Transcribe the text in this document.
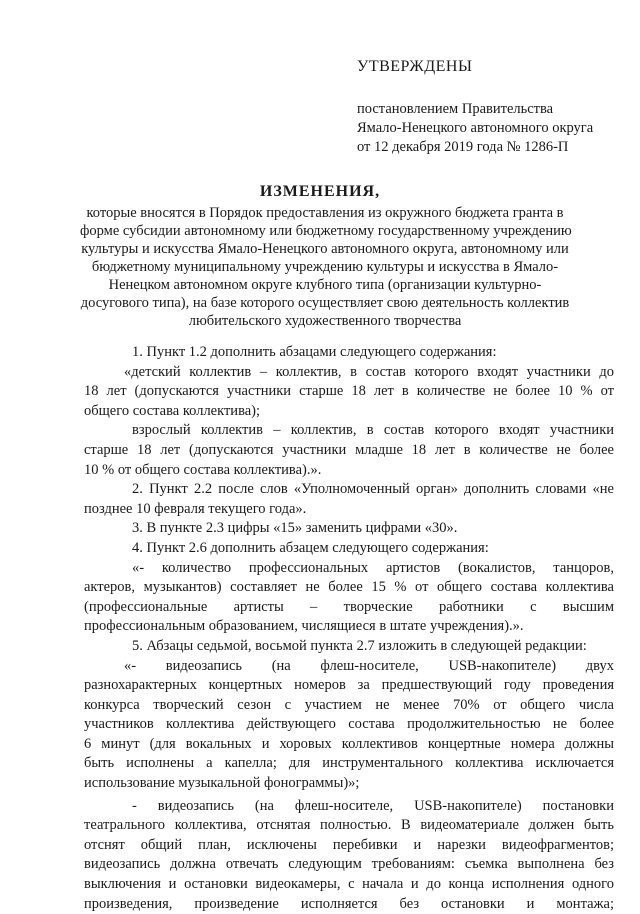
УТВЕРЖДЕНЫ
постановлением Правительства
Ямало-Ненецкого автономного округа
от 12 декабря 2019 года № 1286-П
ИЗМЕНЕНИЯ,
которые вносятся в Порядок предоставления из окружного бюджета гранта в
форме субсидии автономному или бюджетному государственному учреждению
культуры и искусства Ямало-Ненецкого автономного округа, автономному или
бюджетному муниципальному учреждению культуры и искусства в Ямало-
Ненецком автономном округе клубного типа (организации культурно-
досугового типа), на базе которого осуществляет свою деятельность коллектив
любительского художественного творчества
1. Пункт 1.2 дополнить абзацами следующего содержания:
«детский коллектив – коллектив, в состав которого входят участники до
18 лет (допускаются участники старше 18 лет в количестве не более 10 % от
общего состава коллектива);
взрослый коллектив – коллектив, в состав которого входят участники
старше 18 лет (допускаются участники младше 18 лет в количестве не более
10 % от общего состава коллектива).».
2. Пункт 2.2 после слов «Уполномоченный орган» дополнить словами «не
позднее 10 февраля текущего года».
3. В пункте 2.3 цифры «15» заменить цифрами «30».
4. Пункт 2.6 дополнить абзацем следующего содержания:
«- количество профессиональных артистов (вокалистов, танцоров,
актеров, музыкантов) составляет не более 15 % от общего состава коллектива
(профессиональные артисты – творческие работники с высшим
профессиональным образованием, числящиеся в штате учреждения).».
5. Абзацы седьмой, восьмой пункта 2.7 изложить в следующей редакции:
«- видеозапись (на флеш-носителе, USB-накопителе) двух
разнохарактерных концертных номеров за предшествующий году проведения
конкурса творческий сезон с участием не менее 70% от общего числа
участников коллектива действующего состава продолжительностью не более
6 минут (для вокальных и хоровых коллективов концертные номера должны
быть исполнены а капелла; для инструментального коллектива исключается
использование музыкальной фонограммы)»;
- видеозапись (на флеш-носителе, USB-накопителе) постановки
театрального коллектива, отснятая полностью. В видеоматериале должен быть
отснят общий план, исключены перебивки и нарезки видеофрагментов;
видеозапись должна отвечать следующим требованиям: съемка выполнена без
выключения и остановки видеокамеры, с начала и до конца исполнения одного
произведения, произведение исполняется без остановки и монтажа;
